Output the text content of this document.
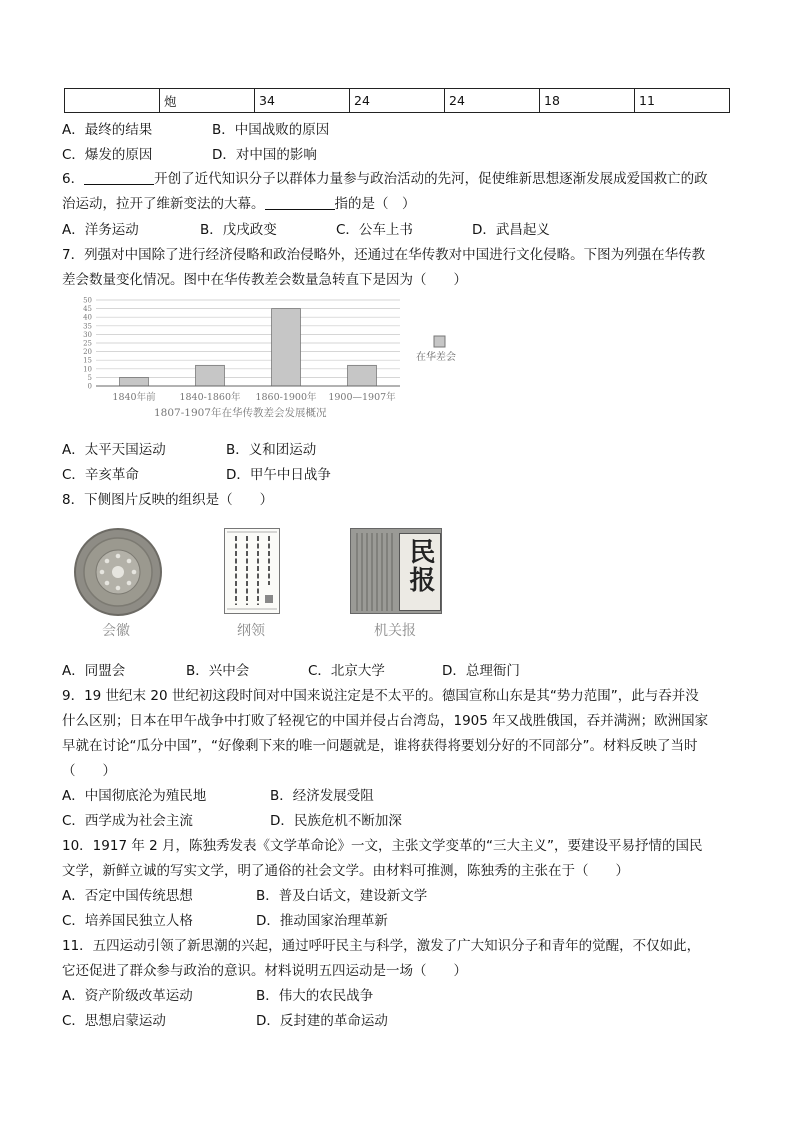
	炮	34	24	24	18	11
A．最终的结果	B．中国战败的原因
C．爆发的原因	D．对中国的影响
6．	开创了近代知识分子以群体力量参与政治活动的先河，促使维新思想逐渐发展成爱国救亡的政
治运动，拉开了维新变法的大幕。	指的是（　）
A．洋务运动	B．戊戌政变	C．公车上书	D．武昌起义
7．列强对中国除了进行经济侵略和政治侵略外，还通过在华传教对中国进行文化侵略。下图为列强在华传教
差会数量变化情况。图中在华传教差会数量急转直下是因为（　　）
50
45
40
35
30
25
20
15
10
5
0
1840年前	1840-1860年 1860-1900年 1900—1907年
在华差会
1807-1907年在华传教差会发展概况
A．太平天国运动	B．义和团运动
C．辛亥革命	D．甲午中日战争
8．下侧图片反映的组织是（　　）
会徽	纲领
民报
机关报
A．同盟会	B．兴中会	C．北京大学	D．总理衙门
9．19 世纪末 20 世纪初这段时间对中国来说注定是不太平的。德国宣称山东是其“势力范围”，此与吞并没
什么区别；日本在甲午战争中打败了轻视它的中国并侵占台湾岛，1905 年又战胜俄国，吞并满洲；欧洲国家
早就在讨论“瓜分中国”，“好像剩下来的唯一问题就是，谁将获得将要划分好的不同部分”。材料反映了当时
（　　）
A．中国彻底沦为殖民地	B．经济发展受阻
C．西学成为社会主流	D．民族危机不断加深
10．1917 年 2 月，陈独秀发表《文学革命论》一文，主张文学变革的“三大主义”，要建设平易抒情的国民
文学，新鲜立诚的写实文学，明了通俗的社会文学。由材料可推测，陈独秀的主张在于（　　）
A．否定中国传统思想	B．普及白话文，建设新文学
C．培养国民独立人格	D．推动国家治理革新
11．五四运动引领了新思潮的兴起，通过呼吁民主与科学，激发了广大知识分子和青年的觉醒，不仅如此，
它还促进了群众参与政治的意识。材料说明五四运动是一场（　　）
A．资产阶级改革运动	B．伟大的农民战争
C．思想启蒙运动	D．反封建的革命运动
